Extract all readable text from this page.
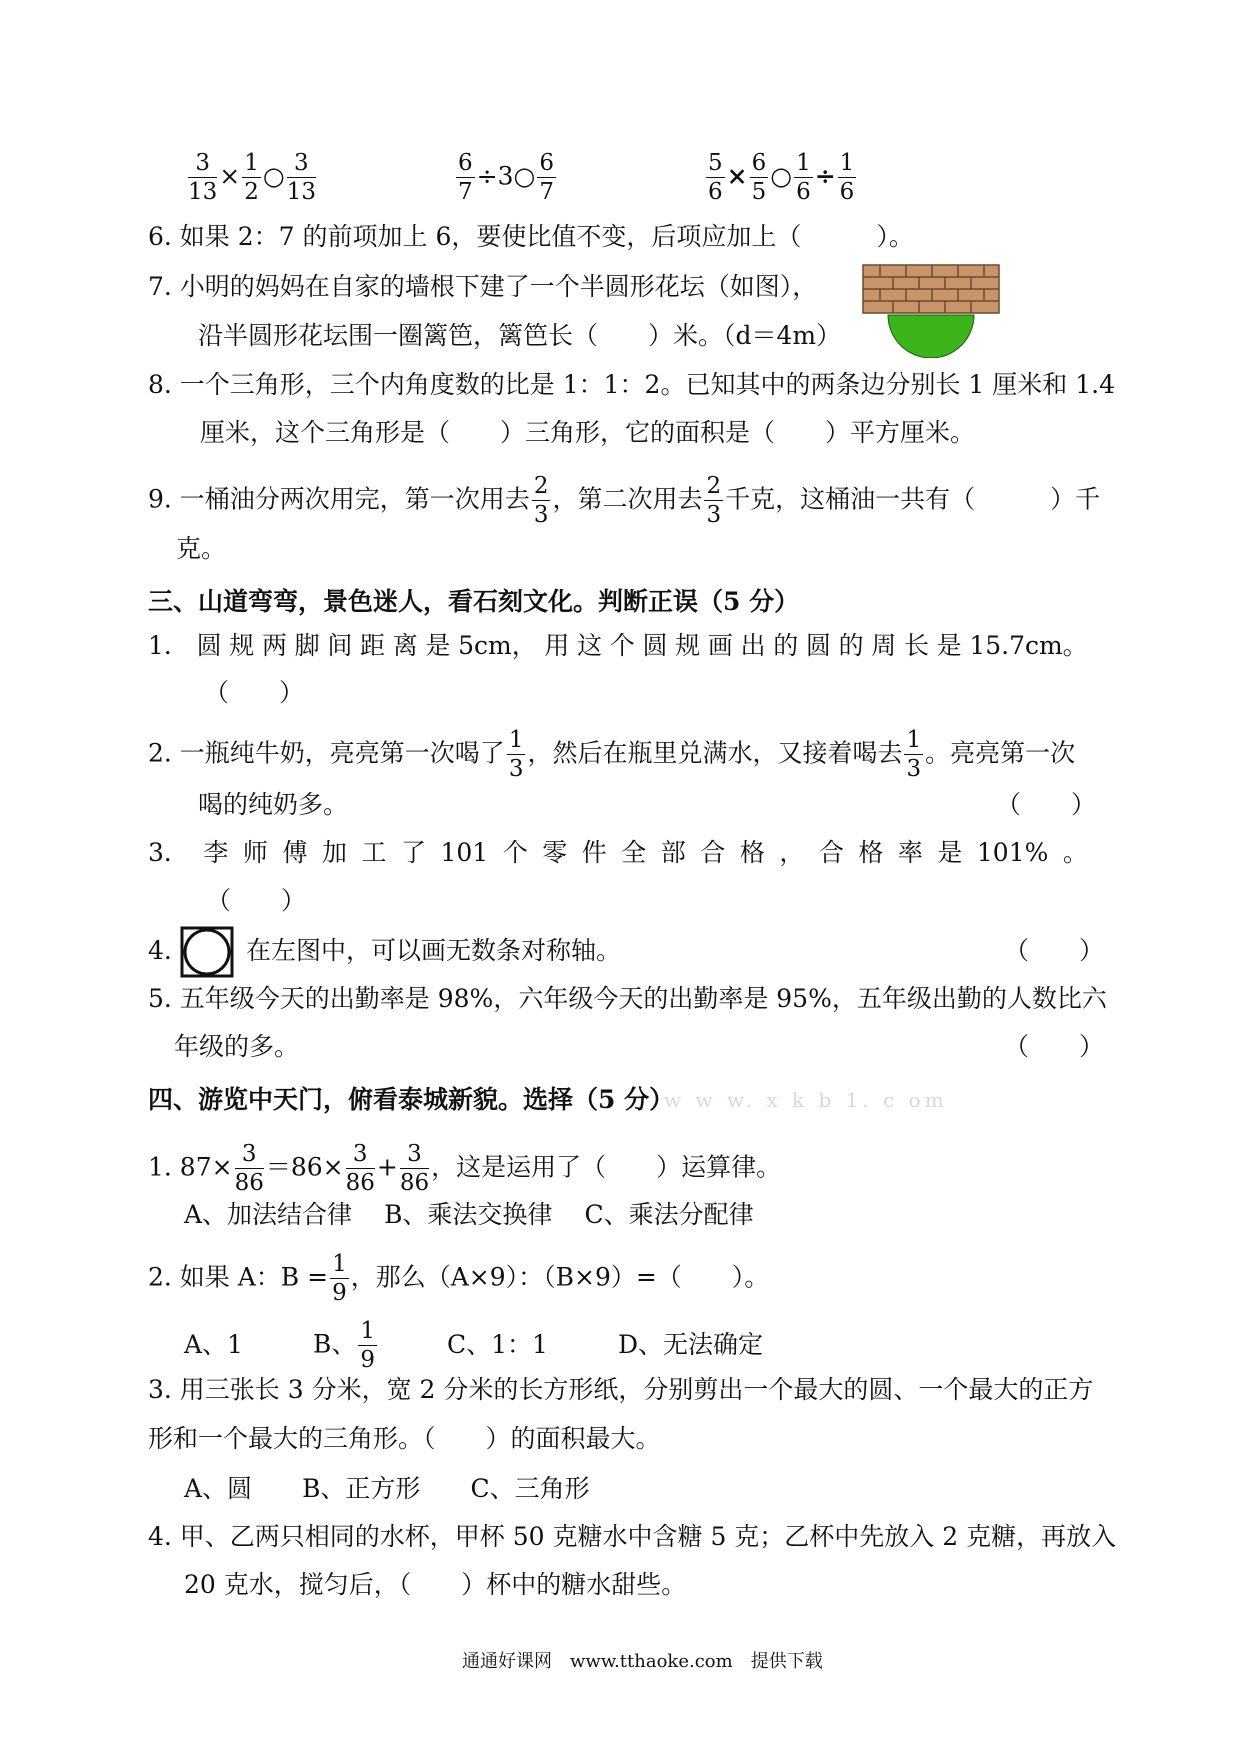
$\frac{3}{13} \times \frac{1}{2}$ ○ $\frac{3}{13}$	$\frac{6}{7}$ ÷3○ $\frac{6}{7}$	$\frac{5}{6} \times \frac{6}{5}$ ○ $\frac{1}{6} \div \frac{1}{6}$
6. 如果 2：7 的前项加上 6，要使比值不变，后项应加上（　　　）。
7. 小明的妈妈在自家的墙根下建了一个半圆形花坛（如图），
沿半圆形花坛围一圈篱笆，篱笆长（　　）米。（d＝4m）
8. 一个三角形，三个内角度数的比是 1：1：2。已知其中的两条边分别长 1 厘米和 1.4
厘米，这个三角形是（　　）三角形，它的面积是（　　）平方厘米。
9. 一桶油分两次用完，第一次用去 $\frac{2}{3}$ ，第二次用去 $\frac{2}{3}$ 千克，这桶油一共有（　　　）千
克。
三、山道弯弯，景色迷人，看石刻文化。判断正误（5 分）
1． 圆 规 两 脚 间 距 离 是 5cm， 用 这 个 圆 规 画 出 的 圆 的 周 长 是 15.7cm。
（　　）
2. 一瓶纯牛奶，亮亮第一次喝了 $\frac{1}{3}$ ，然后在瓶里兑满水，又接着喝去 $\frac{1}{3}$ 。亮亮第一次
喝的纯奶多。	（　　）
3． 李 师 傅 加 工 了 101 个 零 件 全 部 合 格 ， 合 格 率 是 101% 。
（　　）
4.	在左图中，可以画无数条对称轴。	（　　）
5. 五年级今天的出勤率是 98%，六年级今天的出勤率是 95%，五年级出勤的人数比六
年级的多。	（　　）
四、游览中天门，俯看泰城新貌。选择（5 分）
w w w. x k b 1. c om
1. $87\times \frac{3}{86} =86\times \frac{3}{86} + \frac{3}{86}$ ，这是运用了（　　）运算律。
A、加法结合律 B、乘法交换律 C、乘法分配律
2. 如果 A：$B = \frac{1}{9}$ ，那么（A×9）：（B×9）=（　　）。
A、1	B、 $\frac{1}{9}$	C、1：1	D、无法确定
3. 用三张长 3 分米，宽 2 分米的长方形纸，分别剪出一个最大的圆、一个最大的正方
形和一个最大的三角形。（　　）的面积最大。
A、圆 B、正方形 C、三角形
4. 甲、乙两只相同的水杯，甲杯 50 克糖水中含糖 5 克；乙杯中先放入 2 克糖，再放入
20 克水，搅匀后，（　　）杯中的糖水甜些。
通通好课网　www.tthaoke.com　提供下载
